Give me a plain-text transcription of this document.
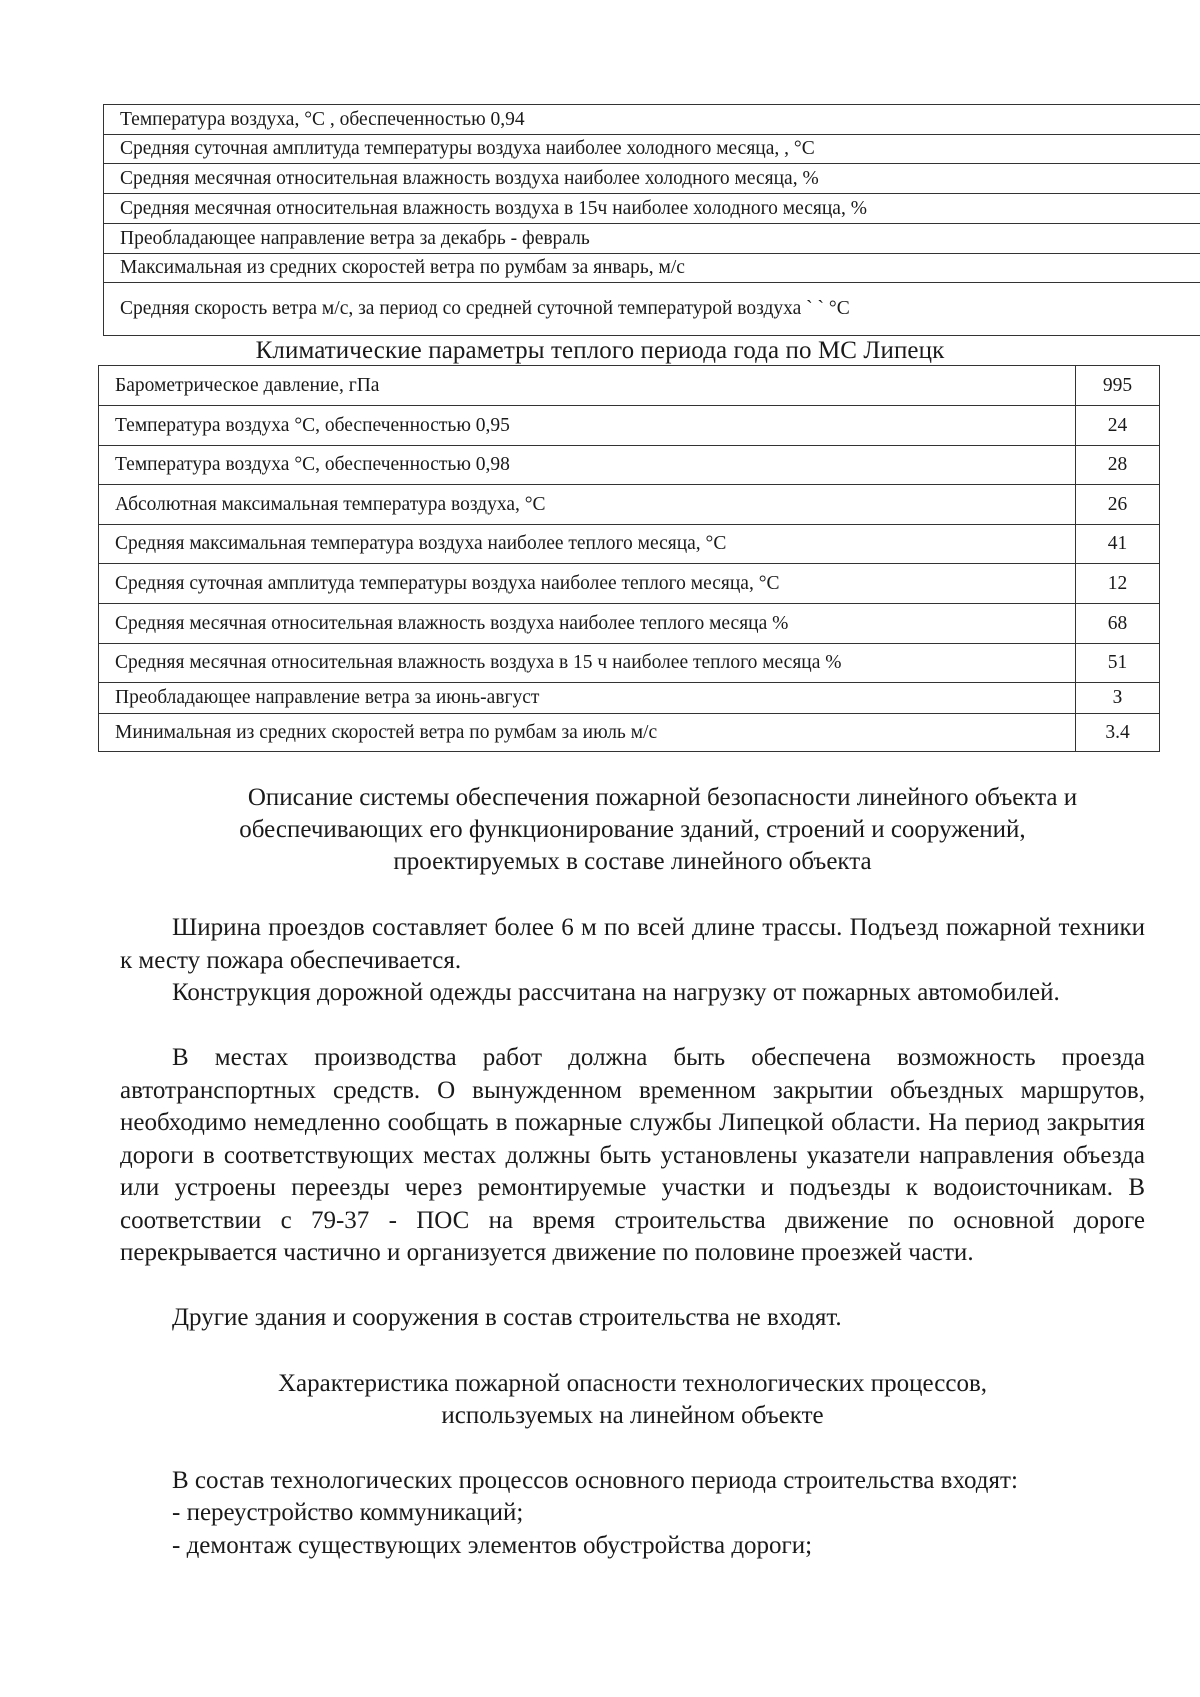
Температура воздуха, °С , обеспеченностью 0,94
Средняя суточная амплитуда температуры воздуха наиболее холодного месяца, , °С
Средняя месячная относительная влажность воздуха наиболее холодного месяца, %
Средняя месячная относительная влажность воздуха в 15ч наиболее холодного месяца, %
Преобладающее направление ветра за декабрь - февраль
Максимальная из средних скоростей ветра по румбам за январь, м/с
Средняя скорость ветра м/с, за период со средней суточной температурой воздуха ` ` °С
Климатические параметры теплого периода года по МС Липецк
Барометрическое давление, гПа	995
Температура воздуха °С, обеспеченностью 0,95	24
Температура воздуха °С, обеспеченностью 0,98	28
Абсолютная максимальная температура воздуха, °С	26
Средняя максимальная температура воздуха наиболее теплого месяца, °С	41
Средняя суточная амплитуда температуры воздуха наиболее теплого месяца, °С	12
Средняя месячная относительная влажность воздуха наиболее теплого месяца %	68
Средняя месячная относительная влажность воздуха в 15 ч наиболее теплого месяца %	51
Преобладающее направление ветра за июнь-август	З
Минимальная из средних скоростей ветра по румбам за июль м/с	3.4
Описание системы обеспечения пожарной безопасности линейного объекта и
обеспечивающих его функционирование зданий, строений и сооружений,
проектируемых в составе линейного объекта

Ширина проездов составляет более 6 м по всей длине трассы. Подъезд пожарной техники к месту пожара обеспечивается.

Конструкция дорожной одежды рассчитана на нагрузку от пожарных автомобилей.

В местах производства работ должна быть обеспечена возможность проезда автотранспортных средств. О вынужденном временном закрытии объездных маршрутов, необходимо немедленно сообщать в пожарные службы Липецкой области. На период закрытия дороги в соответствующих местах должны быть установлены указатели направления объезда или устроены переезды через ремонтируемые участки и подъезды к водоисточникам. В соответствии с 79-37 - ПОС на время строительства движение по основной дороге перекрывается частично и организуется движение по половине проезжей части.

Другие здания и сооружения в состав строительства не входят.

Характеристика пожарной опасности технологических процессов,
используемых на линейном объекте
В состав технологических процессов основного периода строительства входят:
- переустройство коммуникаций;
- демонтаж существующих элементов обустройства дороги;
